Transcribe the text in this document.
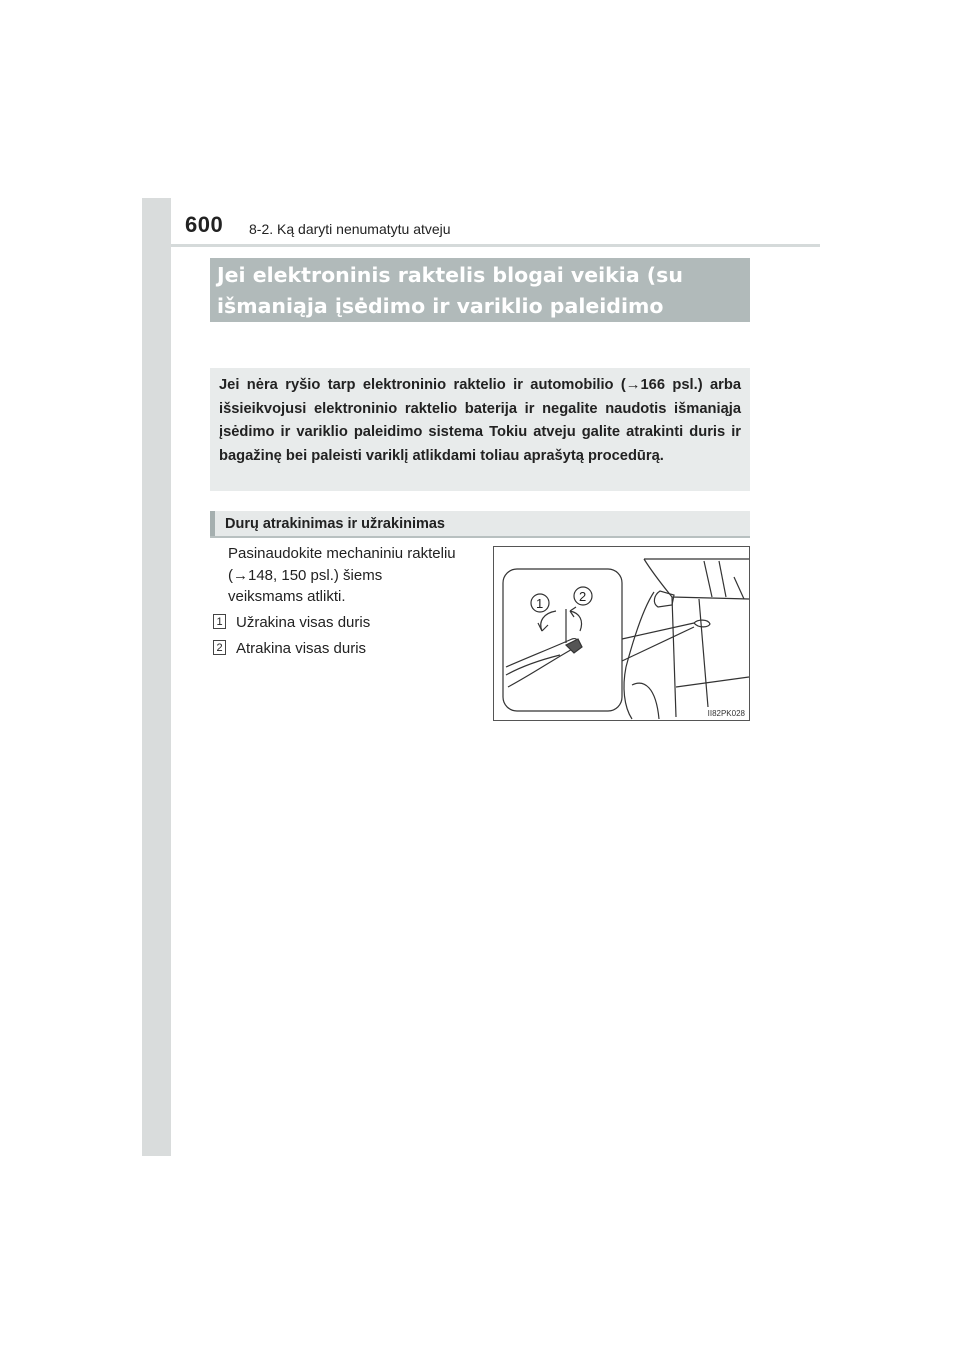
600 8-2. Ką daryti nenumatytu atveju
Jei elektroninis raktelis blogai veikia (su
išmaniąja įsėdimo ir variklio paleidimo

Jei nėra ryšio tarp elektroninio raktelio ir automobilio (→166 psl.) arba išsieikvojusi elektroninio raktelio baterija ir negalite naudotis išmaniąja įsėdimo ir variklio paleidimo sistema Tokiu atveju galite atrakinti duris ir bagažinę bei paleisti variklį atlikdami toliau aprašytą procedūrą.

Durų atrakinimas ir užrakinimas
Pasinaudokite mechaniniu rakteliu
(→148, 150 psl.) šiems
veiksmams atlikti.
1 Užrakina visas duris
2 Atrakina visas duris
1	2
II82PK028
